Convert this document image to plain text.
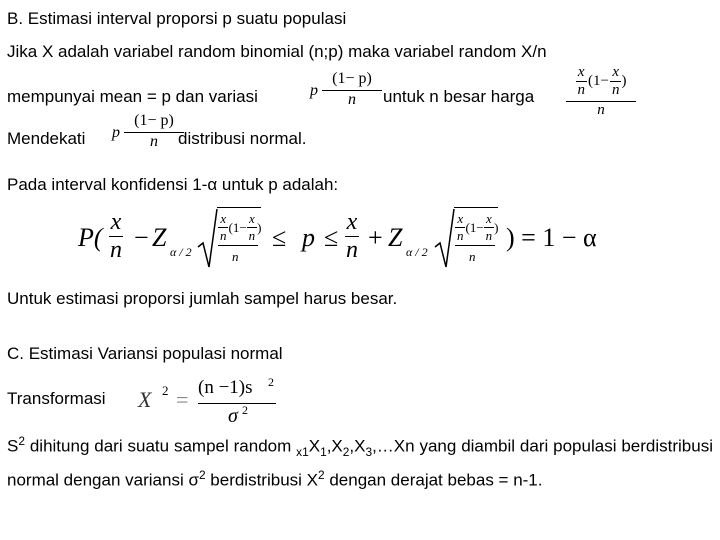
B. Estimasi interval proporsi p suatu populasi
Jika X adalah variabel random binomial (n;p) maka variabel random X/n
mempunyai mean = p dan variasi	p $\frac{(1- p)}{n}$ untuk n besar harga	$\frac{x}{n} (1- \frac{x}{n}$ )
n
Mendekati p $\frac{(1- p)}{n}$
distribusi normal.
Pada interval konfidensi 1-α untuk p adalah:
$P( \frac{x}{n} - Z$ α / 2
$\frac{x}{n} (1- \frac{x}{n}$ )
n
≤ $p \le \frac{x}{n} + Z$ α / 2
$\frac{x}{n} (1- \frac{x}{n}$ )
n
) = 1 − α
Untuk estimasi proporsi jumlah sampel harus besar.
C. Estimasi Variansi populasi normal
Transformasi X 2 = (n −1)s 2
σ 2
$S^2$ dihitung dari suatu sampel random $_{x1}X_1,X_2,X_3,\dots Xn$ yang diambil dari populasi berdistribusi normal dengan variansi $\sigma^2$ berdistribusi $X^2$ dengan derajat bebas = n-1.
